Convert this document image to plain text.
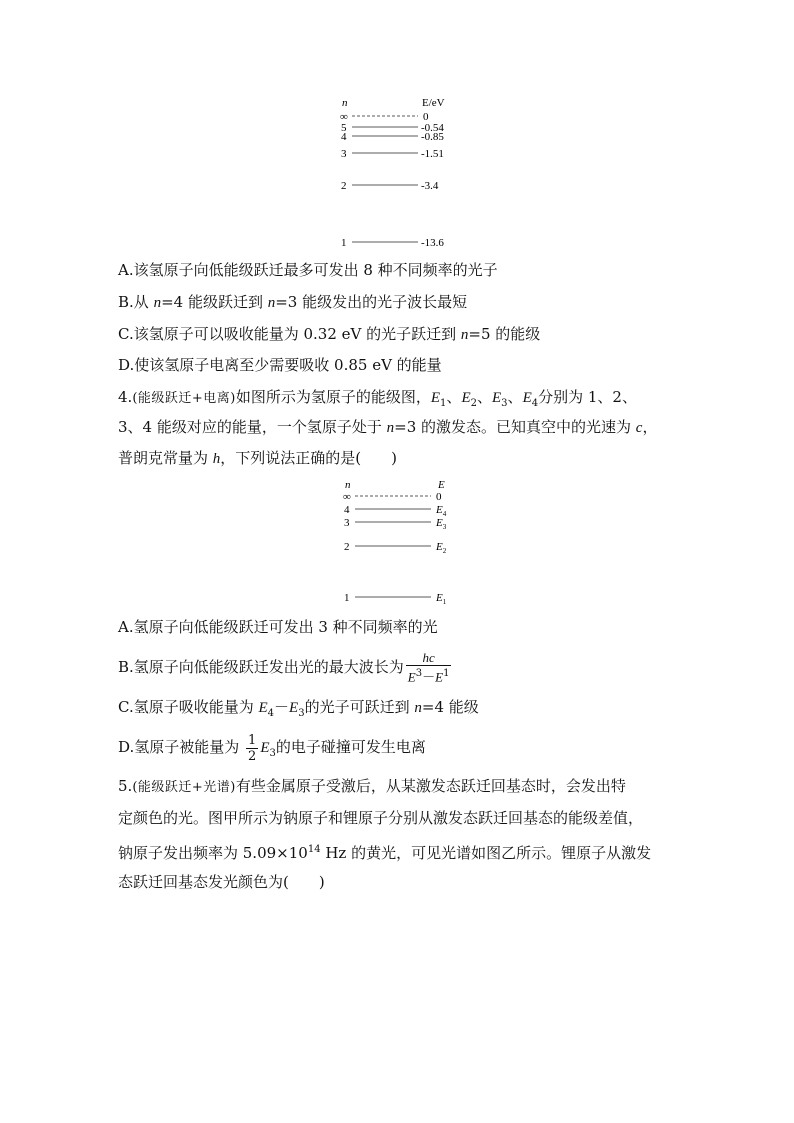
n	E/eV
∞	0
5	-0.54
4	-0.85
3	-1.51
2	-3.4
1	-13.6
A.该氢原子向低能级跃迁最多可发出 8 种不同频率的光子
B.从 n=4 能级跃迁到 n=3 能级发出的光子波长最短
C.该氢原子可以吸收能量为 0.32 eV 的光子跃迁到 n=5 的能级
D.使该氢原子电离至少需要吸收 0.85 eV 的能量
4.(能级跃迁+电离)如图所示为氢原子的能级图，$E_1$、$E_2$、$E_3$、$E_4$分别为 1、2、
3、4 能级对应的能量，一个氢原子处于 n=3 的激发态。已知真空中的光速为 c，
普朗克常量为 h，下列说法正确的是(　　)
n	E
∞	0
4	$E_4$
3	$E_3$
2	$E_2$
1	$E_1$
A.氢原子向低能级跃迁可发出 3 种不同频率的光
B.氢原子向低能级跃迁发出光的最大波长为 $\frac{hc}{E^3-E^1}$
C.氢原子吸收能量为 $E_4-E_3$的光子可跃迁到 n=4 能级
D.氢原子被能量为 $\frac{1}{2} E_3$的电子碰撞可发生电离
5.(能级跃迁+光谱)有些金属原子受激后，从某激发态跃迁回基态时，会发出特
定颜色的光。图甲所示为钠原子和锂原子分别从激发态跃迁回基态的能级差值，
钠原子发出频率为 $5.09\times 10^{14}$ Hz 的黄光，可见光谱如图乙所示。锂原子从激发
态跃迁回基态发光颜色为(　　)
